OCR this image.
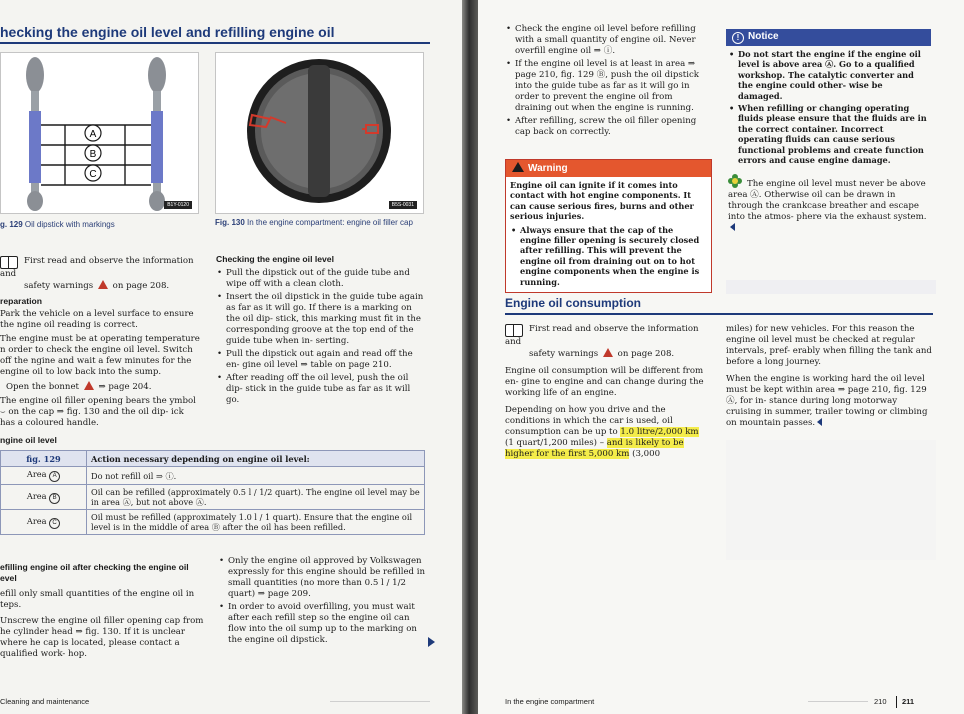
hecking the engine oil level and refilling engine oil
A
B
C
B1Y-0120
g. 129 Oil dipstick with markings
B5S-0031
Fig. 130 In the engine compartment: engine oil filler cap
First read and observe the information and
safety warnings on page 208.
reparation
Park the vehicle on a level surface to ensure the ngine oil reading is correct.
The engine must be at operating temperature n order to check the engine oil level. Switch off the ngine and wait a few minutes for the engine oil to low back into the sump.
Open the bonnet ⇒ page 204.
The engine oil filler opening bears the ymbol ⌣ on the cap ⇒ fig. 130 and the oil dip- ick has a coloured handle.
ngine oil level
Checking the engine oil level
• Pull the dipstick out of the guide tube and wipe off with a clean cloth.
• Insert the oil dipstick in the guide tube again as far as it will go. If there is a marking on the oil dip- stick, this marking must fit in the corresponding groove at the top end of the guide tube when in- serting.
• Pull the dipstick out again and read off the en- gine oil level ⇒ table on page 210.
• After reading off the oil level, push the oil dip- stick in the guide tube as far as it will go.
fig. 129	Action necessary depending on engine oil level:
Area A	Do not refill oil ⇒ ⓘ.
Area B	Oil can be refilled (approximately 0.5 l / 1/2 quart). The engine oil level may be in area Ⓐ, but not above Ⓐ.
Area C	Oil must be refilled (approximately 1.0 l / 1 quart). Ensure that the engine oil level is in the middle of area Ⓑ after the oil has been refilled.
efilling engine oil after checking the engine oil evel
efill only small quantities of the engine oil in teps.
Unscrew the engine oil filler opening cap from he cylinder head ⇒ fig. 130. If it is unclear where he cap is located, please contact a qualified work- hop.
• Only the engine oil approved by Volkswagen expressly for this engine should be refilled in small quantities (no more than 0.5 l / 1/2 quart) ⇒ page 209.
• In order to avoid overfilling, you must wait after each refill step so the engine oil can flow into the oil sump up to the marking on the engine oil dipstick.
Cleaning and maintenance
• Check the engine oil level before refilling with a small quantity of engine oil. Never overfill engine oil ⇒ ⓘ.
• If the engine oil level is at least in area ⇒ page 210, fig. 129 Ⓑ, push the oil dipstick into the guide tube as far as it will go in order to prevent the engine oil from draining out when the engine is running.
• After refilling, screw the oil filler opening cap back on correctly.
Warning
Engine oil can ignite if it comes into contact with hot engine components. It can cause serious fires, burns and other serious injuries.
• Always ensure that the cap of the engine filler opening is securely closed after refilling. This will prevent the engine oil from draining out on to hot engine components when the engine is running.
! Notice
• Do not start the engine if the engine oil level is above area Ⓐ. Go to a qualified workshop. The catalytic converter and the engine could other- wise be damaged.
• When refilling or changing operating fluids please ensure that the fluids are in the correct container. Incorrect operating fluids can cause serious functional problems and create function errors and cause engine damage.
The engine oil level must never be above area Ⓐ. Otherwise oil can be drawn in through the crankcase breather and escape into the atmos- phere via the exhaust system.
Engine oil consumption
First read and observe the information and
safety warnings on page 208.
Engine oil consumption will be different from en- gine to engine and can change during the working life of an engine.
Depending on how you drive and the conditions in which the car is used, oil consumption can be up to 1.0 litre/2,000 km (1 quart/1,200 miles) – and is likely to be higher for the first 5,000 km (3,000
miles) for new vehicles. For this reason the engine oil level must be checked at regular intervals, pref- erably when filling the tank and before a long journey.
When the engine is working hard the oil level must be kept within area ⇒ page 210, fig. 129 Ⓐ, for in- stance during long motorway cruising in summer, trailer towing or climbing on mountain passes.
In the engine compartment	210 211
